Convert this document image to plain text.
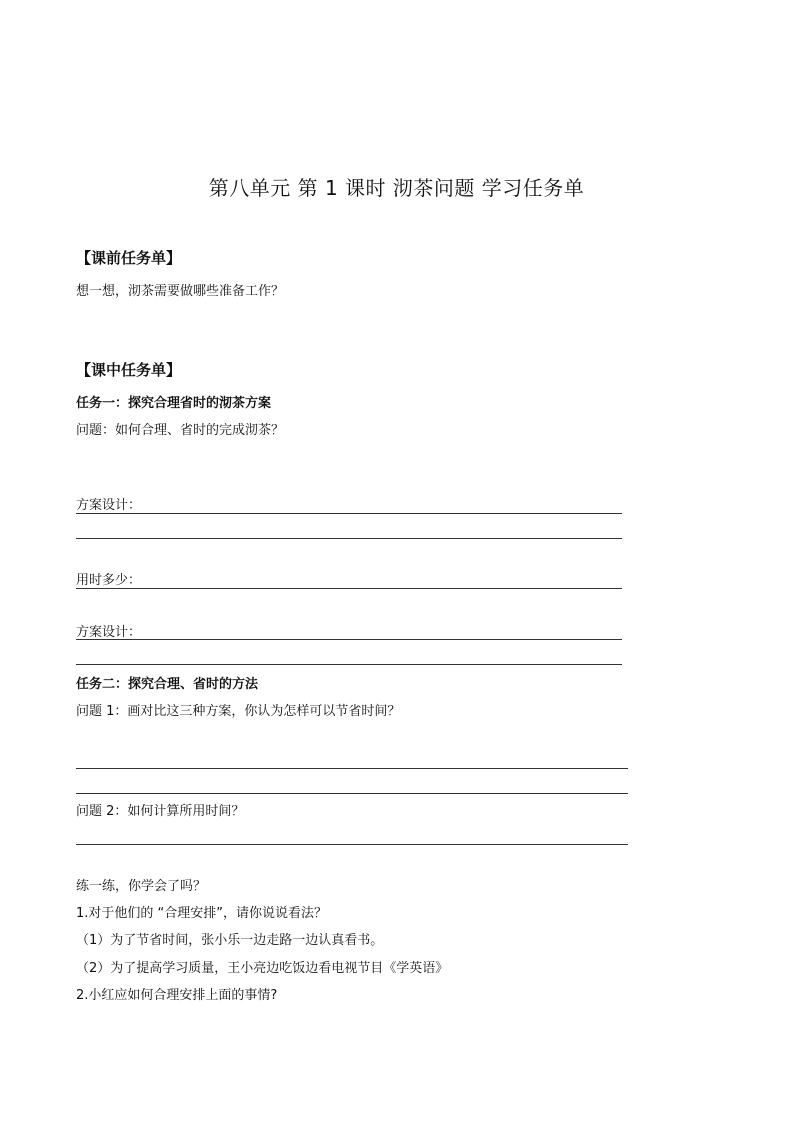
第八单元 第 1 课时 沏茶问题 学习任务单
【课前任务单】
想一想，沏茶需要做哪些准备工作？
【课中任务单】
任务一：探究合理省时的沏茶方案
问题：如何合理、省时的完成沏茶？
方案设计：
用时多少：
方案设计：
任务二：探究合理、省时的方法
问题 1：画对比这三种方案，你认为怎样可以节省时间？
问题 2：如何计算所用时间？
练一练，你学会了吗？
1.对于他们的 “合理安排”，请你说说看法？
（1）为了节省时间，张小乐一边走路一边认真看书。
（2）为了提高学习质量，王小亮边吃饭边看电视节目《学英语》
2.小红应如何合理安排上面的事情?
